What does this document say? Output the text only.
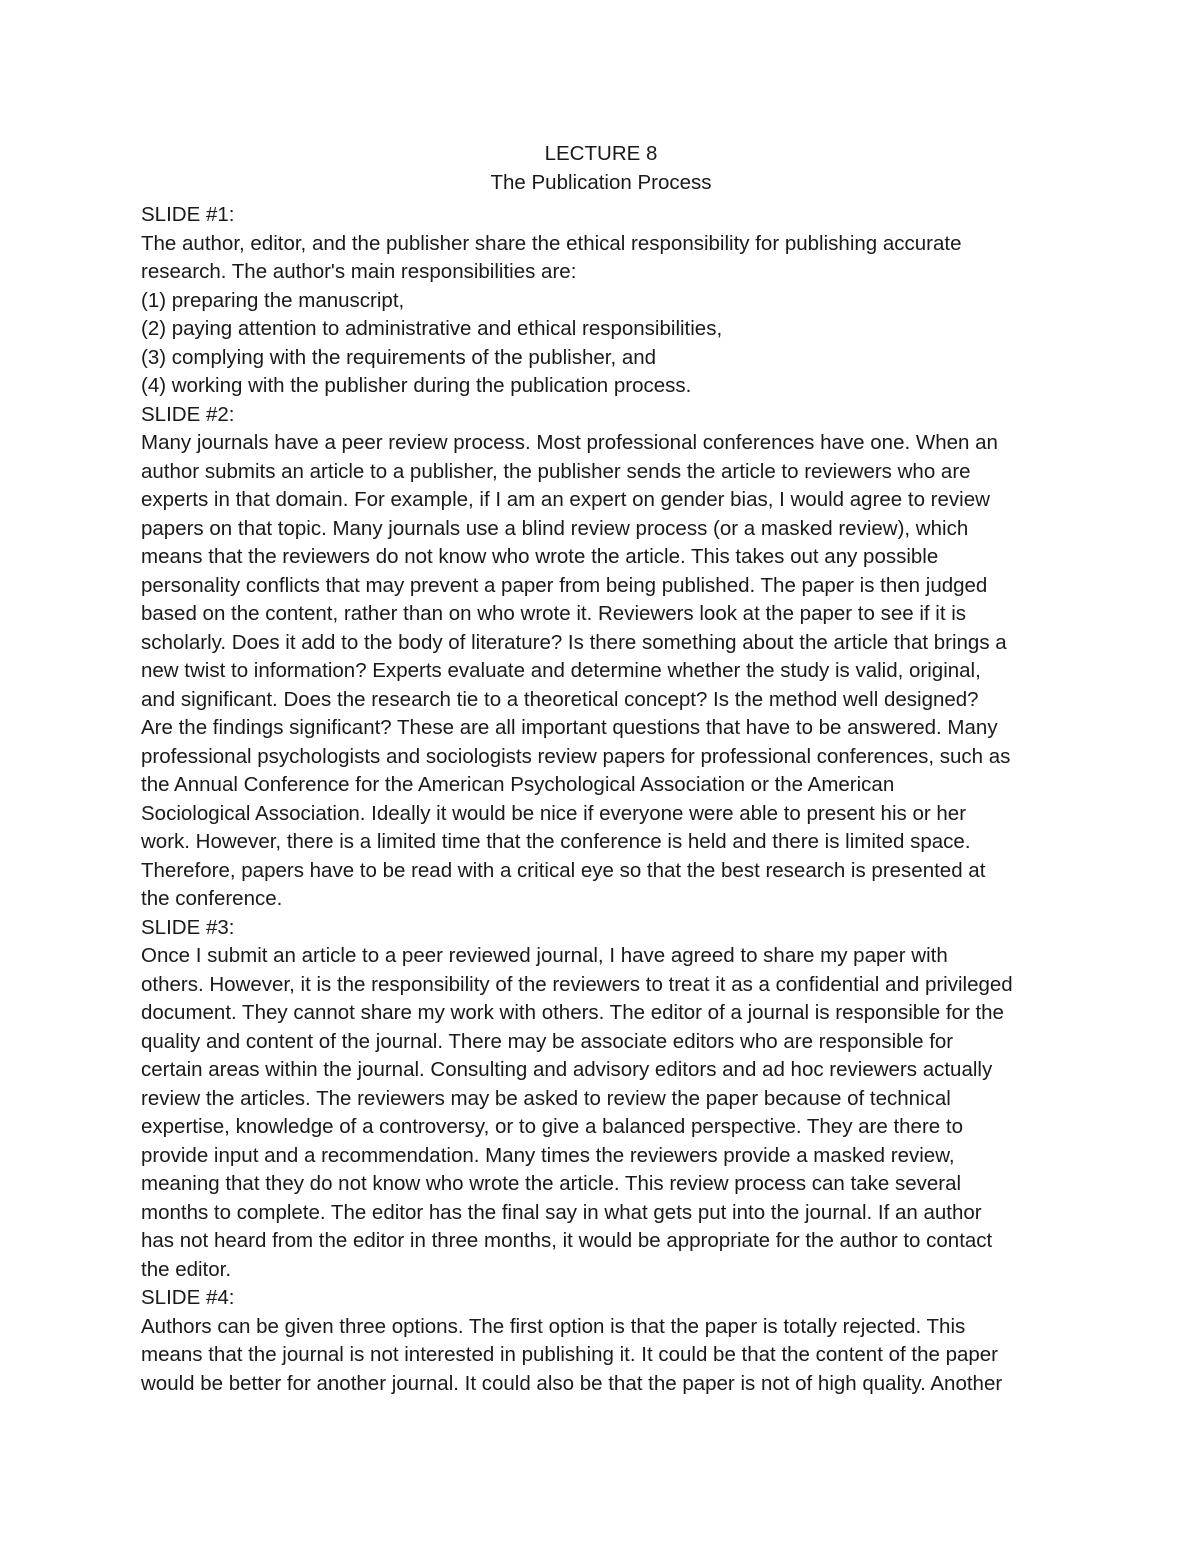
LECTURE 8
The Publication Process
SLIDE #1:
The author, editor, and the publisher share the ethical responsibility for publishing accurate
research. The author's main responsibilities are:
(1) preparing the manuscript,
(2) paying attention to administrative and ethical responsibilities,
(3) complying with the requirements of the publisher, and
(4) working with the publisher during the publication process.
SLIDE #2:
Many journals have a peer review process. Most professional conferences have one. When an
author submits an article to a publisher, the publisher sends the article to reviewers who are
experts in that domain. For example, if I am an expert on gender bias, I would agree to review
papers on that topic. Many journals use a blind review process (or a masked review), which
means that the reviewers do not know who wrote the article. This takes out any possible
personality conflicts that may prevent a paper from being published. The paper is then judged
based on the content, rather than on who wrote it. Reviewers look at the paper to see if it is
scholarly. Does it add to the body of literature? Is there something about the article that brings a
new twist to information? Experts evaluate and determine whether the study is valid, original,
and significant. Does the research tie to a theoretical concept? Is the method well designed?
Are the findings significant? These are all important questions that have to be answered. Many
professional psychologists and sociologists review papers for professional conferences, such as
the Annual Conference for the American Psychological Association or the American
Sociological Association. Ideally it would be nice if everyone were able to present his or her
work. However, there is a limited time that the conference is held and there is limited space.
Therefore, papers have to be read with a critical eye so that the best research is presented at
the conference.
SLIDE #3:
Once I submit an article to a peer reviewed journal, I have agreed to share my paper with
others. However, it is the responsibility of the reviewers to treat it as a confidential and privileged
document. They cannot share my work with others. The editor of a journal is responsible for the
quality and content of the journal. There may be associate editors who are responsible for
certain areas within the journal. Consulting and advisory editors and ad hoc reviewers actually
review the articles. The reviewers may be asked to review the paper because of technical
expertise, knowledge of a controversy, or to give a balanced perspective. They are there to
provide input and a recommendation. Many times the reviewers provide a masked review,
meaning that they do not know who wrote the article. This review process can take several
months to complete. The editor has the final say in what gets put into the journal. If an author
has not heard from the editor in three months, it would be appropriate for the author to contact
the editor.
SLIDE #4:
Authors can be given three options. The first option is that the paper is totally rejected. This
means that the journal is not interested in publishing it. It could be that the content of the paper
would be better for another journal. It could also be that the paper is not of high quality. Another
